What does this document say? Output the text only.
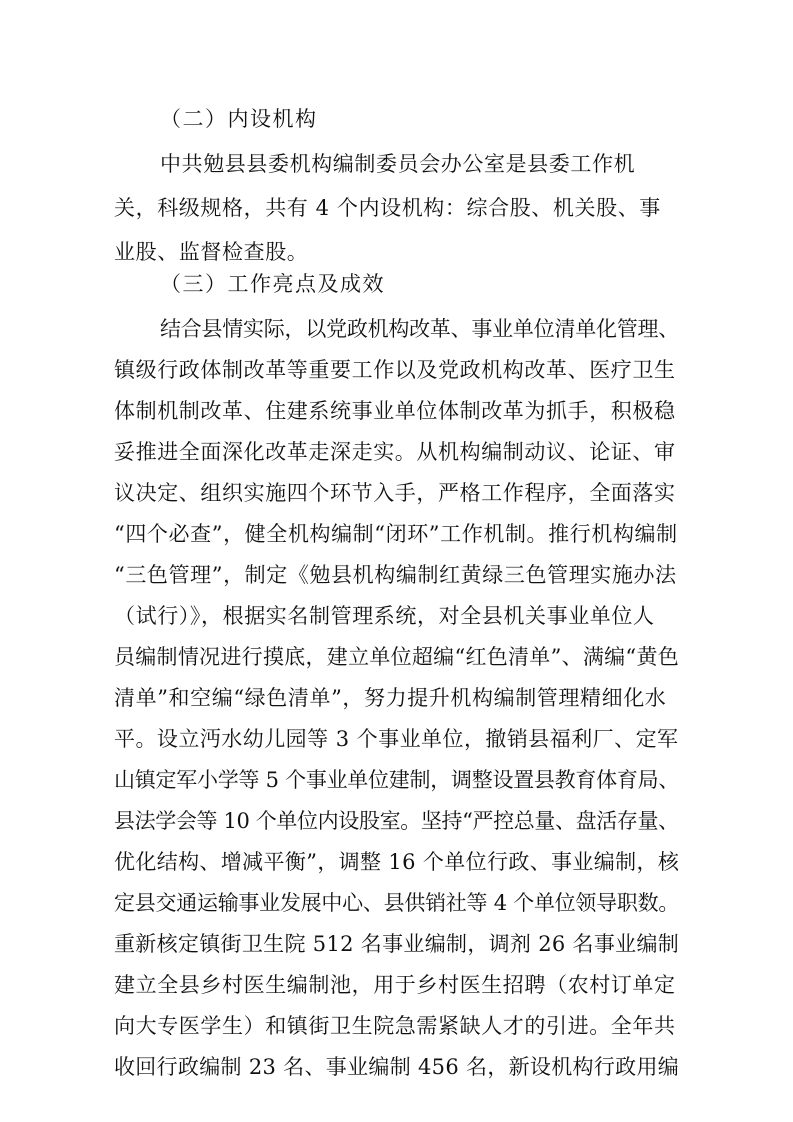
（二）内设机构
中共勉县县委机构编制委员会办公室是县委工作机
关，科级规格，共有 4 个内设机构：综合股、机关股、事
业股、监督检查股。
（三）工作亮点及成效
结合县情实际，以党政机构改革、事业单位清单化管理、
镇级行政体制改革等重要工作以及党政机构改革、医疗卫生
体制机制改革、住建系统事业单位体制改革为抓手，积极稳
妥推进全面深化改革走深走实。从机构编制动议、论证、审
议决定、组织实施四个环节入手，严格工作程序，全面落实
“四个必查”，健全机构编制“闭环”工作机制。推行机构编制
“三色管理”，制定《勉县机构编制红黄绿三色管理实施办法
（试行）》，根据实名制管理系统，对全县机关事业单位人
员编制情况进行摸底，建立单位超编“红色清单”、满编“黄色
清单”和空编“绿色清单”，努力提升机构编制管理精细化水
平。设立沔水幼儿园等 3 个事业单位，撤销县福利厂、定军
山镇定军小学等 5 个事业单位建制，调整设置县教育体育局、
县法学会等 10 个单位内设股室。坚持“严控总量、盘活存量、
优化结构、增减平衡”，调整 16 个单位行政、事业编制，核
定县交通运输事业发展中心、县供销社等 4 个单位领导职数。
重新核定镇街卫生院 512 名事业编制，调剂 26 名事业编制
建立全县乡村医生编制池，用于乡村医生招聘（农村订单定
向大专医学生）和镇街卫生院急需紧缺人才的引进。全年共
收回行政编制 23 名、事业编制 456 名，新设机构行政用编
